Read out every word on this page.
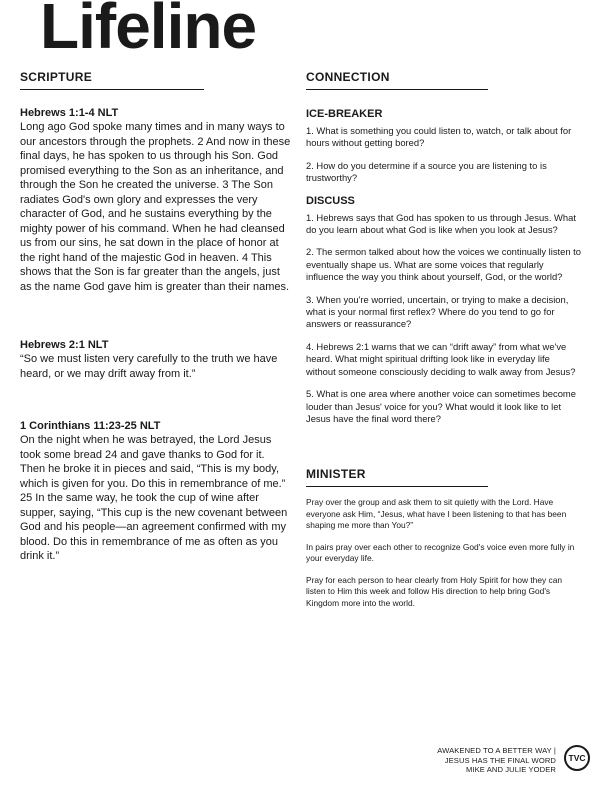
Lifeline
SCRIPTURE

Hebrews 1:1-4 NLT

Long ago God spoke many times and in many ways to our ancestors through the prophets. 2 And now in these final days, he has spoken to us through his Son. God promised everything to the Son as an inheritance, and through the Son he created the universe. 3 The Son radiates God's own glory and expresses the very character of God, and he sustains everything by the mighty power of his command. When he had cleansed us from our sins, he sat down in the place of honor at the right hand of the majestic God in heaven. 4 This shows that the Son is far greater than the angels, just as the name God gave him is greater than their names.

Hebrews 2:1 NLT

“So we must listen very carefully to the truth we have heard, or we may drift away from it.”

1 Corinthians 11:23-25 NLT

On the night when he was betrayed, the Lord Jesus took some bread 24 and gave thanks to God for it. Then he broke it in pieces and said, “This is my body, which is given for you. Do this in remembrance of me.” 25 In the same way, he took the cup of wine after supper, saying, “This cup is the new covenant between God and his people—an agreement confirmed with my blood. Do this in remembrance of me as often as you drink it.”

CONNECTION
ICE-BREAKER

1. What is something you could listen to, watch, or talk about for hours without getting bored?

2. How do you determine if a source you are listening to is trustworthy?

DISCUSS

1. Hebrews says that God has spoken to us through Jesus. What do you learn about what God is like when you look at Jesus?

2. The sermon talked about how the voices we continually listen to eventually shape us. What are some voices that regularly influence the way you think about yourself, God, or the world?

3. When you're worried, uncertain, or trying to make a decision, what is your normal first reflex? Where do you tend to go for answers or reassurance?

4. Hebrews 2:1 warns that we can “drift away” from what we've heard. What might spiritual drifting look like in everyday life without someone consciously deciding to walk away from Jesus?

5. What is one area where another voice can sometimes become louder than Jesus' voice for you? What would it look like to let Jesus have the final word there?

MINISTER

Pray over the group and ask them to sit quietly with the Lord. Have everyone ask Him, “Jesus, what have I been listening to that has been shaping me more than You?”

In pairs pray over each other to recognize God's voice even more fully in your everyday life.

Pray for each person to hear clearly from Holy Spirit for how they can listen to Him this week and follow His direction to help bring God's Kingdom more into the world.

AWAKENED TO A BETTER WAY |
JESUS HAS THE FINAL WORD
MIKE AND JULIE YODER
TVC
